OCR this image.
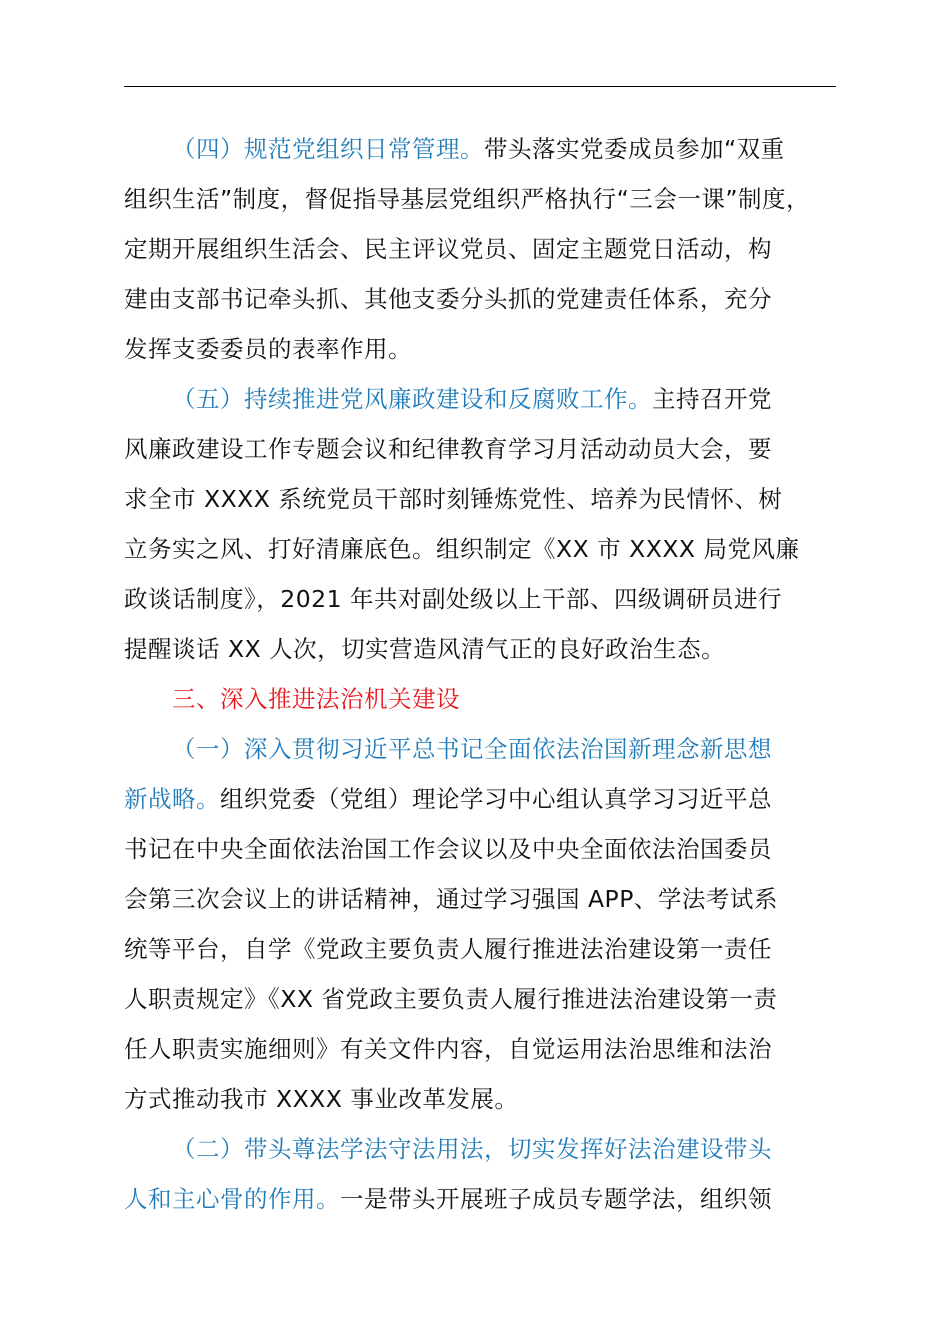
（四）规范党组织日常管理。带头落实党委成员参加“双重
组织生活”制度，督促指导基层党组织严格执行“三会一课”制度，
定期开展组织生活会、民主评议党员、固定主题党日活动，构
建由支部书记牵头抓、其他支委分头抓的党建责任体系，充分
发挥支委委员的表率作用。

（五）持续推进党风廉政建设和反腐败工作。主持召开党
风廉政建设工作专题会议和纪律教育学习月活动动员大会，要
求全市 XXXX 系统党员干部时刻锤炼党性、培养为民情怀、树
立务实之风、打好清廉底色。组织制定《XX 市 XXXX 局党风廉
政谈话制度》，2021 年共对副处级以上干部、四级调研员进行
提醒谈话 XX 人次，切实营造风清气正的良好政治生态。

三、深入推进法治机关建设

（一）深入贯彻习近平总书记全面依法治国新理念新思想
新战略。组织党委（党组）理论学习中心组认真学习习近平总
书记在中央全面依法治国工作会议以及中央全面依法治国委员
会第三次会议上的讲话精神，通过学习强国 APP、学法考试系
统等平台，自学《党政主要负责人履行推进法治建设第一责任
人职责规定》《XX 省党政主要负责人履行推进法治建设第一责
任人职责实施细则》有关文件内容，自觉运用法治思维和法治
方式推动我市 XXXX 事业改革发展。

（二）带头尊法学法守法用法，切实发挥好法治建设带头
人和主心骨的作用。一是带头开展班子成员专题学法，组织领
